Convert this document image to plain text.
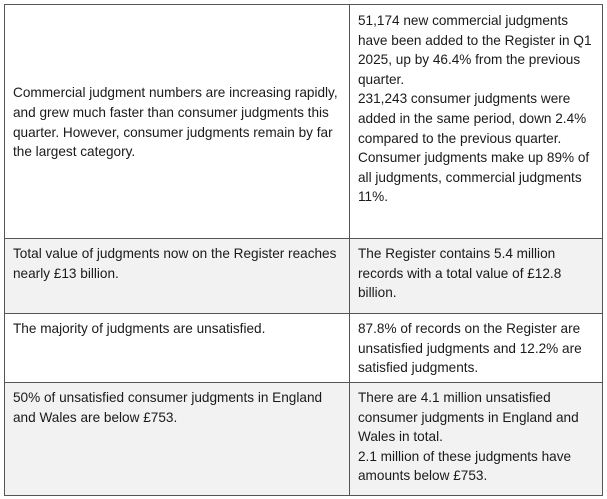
Commercial judgment numbers are increasing rapidly, and grew much faster than consumer judgments this quarter. However, consumer judgments remain by far the largest category.	51,174 new commercial judgments have been added to the Register in Q1 2025, up by 46.4% from the previous quarter.
231,243 consumer judgments were added in the same period, down 2.4% compared to the previous quarter.
Consumer judgments make up 89% of all judgments, commercial judgments 11%.

Total value of judgments now on the Register reaches nearly £13 billion.	The Register contains 5.4 million records with a total value of £12.8 billion.

The majority of judgments are unsatisfied.	87.8% of records on the Register are unsatisfied judgments and 12.2% are satisfied judgments.

50% of unsatisfied consumer judgments in England and Wales are below £753.	There are 4.1 million unsatisfied consumer judgments in England and Wales in total.
2.1 million of these judgments have amounts below £753.
